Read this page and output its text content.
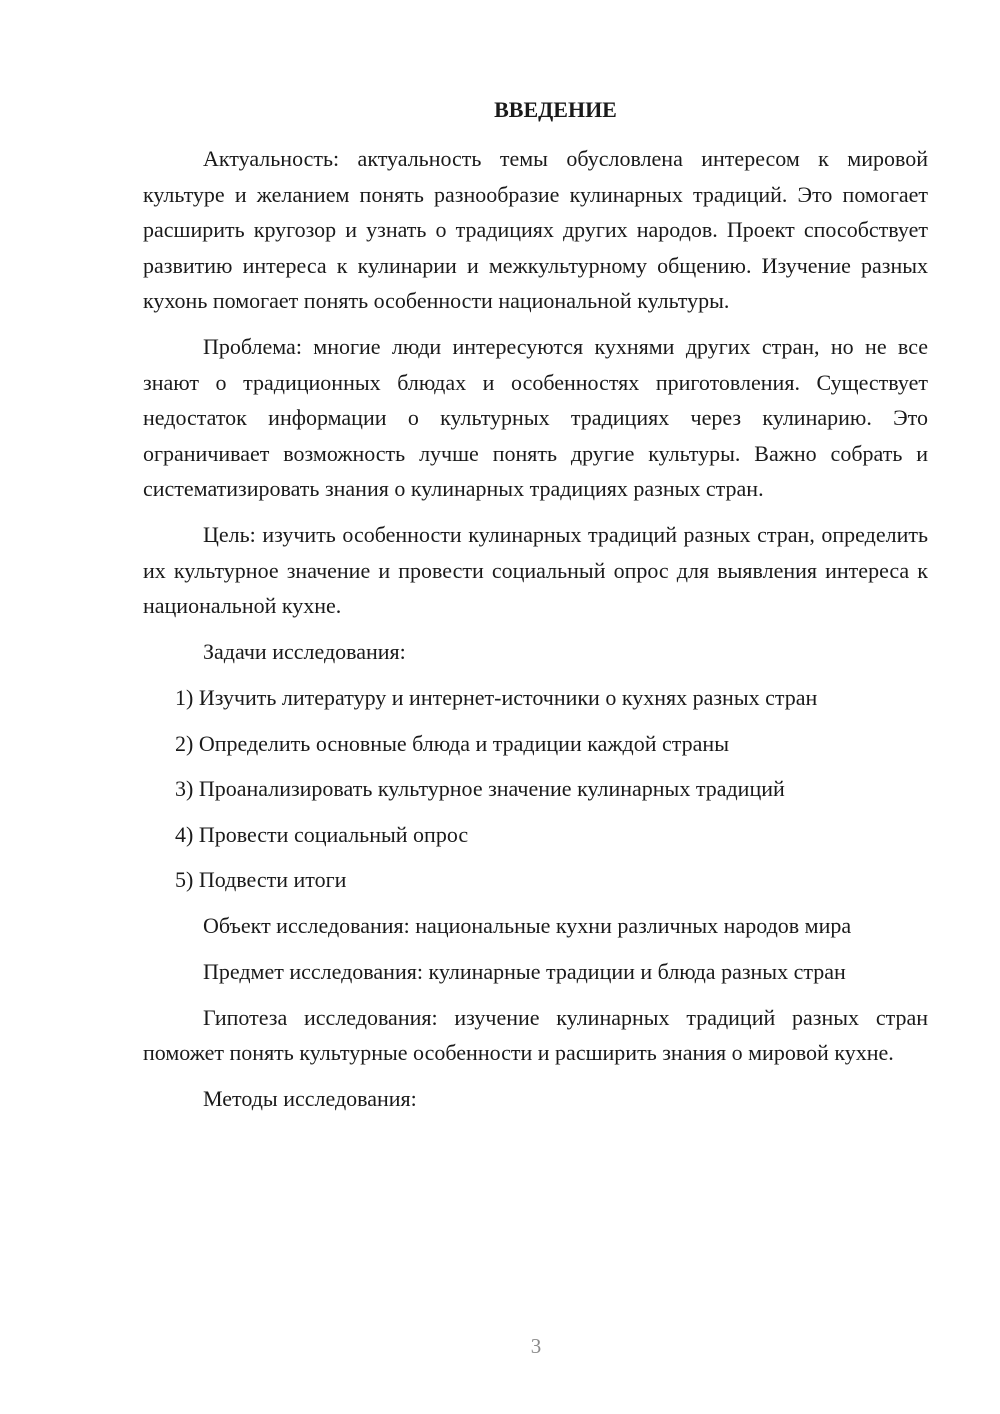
ВВЕДЕНИЕ

Актуальность: актуальность темы обусловлена интересом к мировой культуре и желанием понять разнообразие кулинарных традиций. Это помогает расширить кругозор и узнать о традициях других народов. Проект способствует развитию интереса к кулинарии и межкультурному общению. Изучение разных кухонь помогает понять особенности национальной культуры.

Проблема: многие люди интересуются кухнями других стран, но не все знают о традиционных блюдах и особенностях приготовления. Существует недостаток информации о культурных традициях через кулинарию. Это ограничивает возможность лучше понять другие культуры. Важно собрать и систематизировать знания о кулинарных традициях разных стран.

Цель: изучить особенности кулинарных традиций разных стран, определить их культурное значение и провести социальный опрос для выявления интереса к национальной кухне.

Задачи исследования:
1) Изучить литературу и интернет-источники о кухнях разных стран
2) Определить основные блюда и традиции каждой страны
3) Проанализировать культурное значение кулинарных традиций
4) Провести социальный опрос
5) Подвести итоги

Объект исследования: национальные кухни различных народов мира

Предмет исследования: кулинарные традиции и блюда разных стран

Гипотеза исследования: изучение кулинарных традиций разных стран поможет понять культурные особенности и расширить знания о мировой кухне.

Методы исследования:
3
